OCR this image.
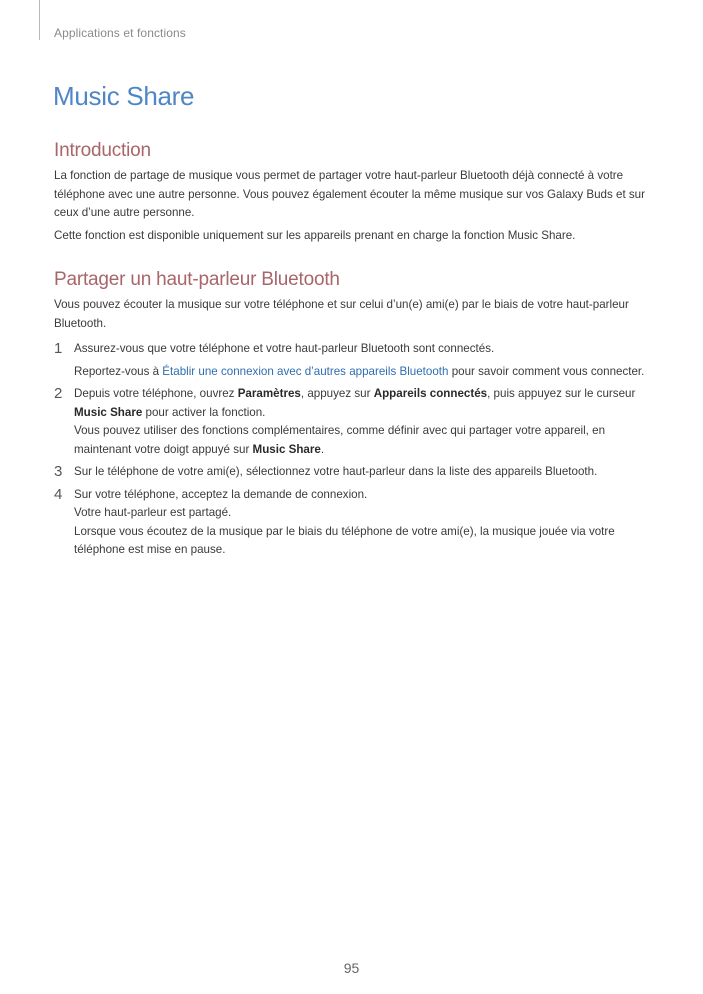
Applications et fonctions
Music Share
Introduction

La fonction de partage de musique vous permet de partager votre haut-parleur Bluetooth déjà connecté à votre téléphone avec une autre personne. Vous pouvez également écouter la même musique sur vos Galaxy Buds et sur ceux d’une autre personne.

Cette fonction est disponible uniquement sur les appareils prenant en charge la fonction Music Share.

Partager un haut-parleur Bluetooth

Vous pouvez écouter la musique sur votre téléphone et sur celui d’un(e) ami(e) par le biais de votre haut-parleur Bluetooth.

1 Assurez-vous que votre téléphone et votre haut-parleur Bluetooth sont connectés.

Reportez-vous à Établir une connexion avec d’autres appareils Bluetooth pour savoir comment vous connecter.

2 Depuis votre téléphone, ouvrez Paramètres, appuyez sur Appareils connectés, puis appuyez sur le curseur Music Share pour activer la fonction.

Vous pouvez utiliser des fonctions complémentaires, comme définir avec qui partager votre appareil, en maintenant votre doigt appuyé sur Music Share.

3 Sur le téléphone de votre ami(e), sélectionnez votre haut-parleur dans la liste des appareils Bluetooth.

4 Sur votre téléphone, acceptez la demande de connexion.

Votre haut-parleur est partagé.

Lorsque vous écoutez de la musique par le biais du téléphone de votre ami(e), la musique jouée via votre téléphone est mise en pause.

95
